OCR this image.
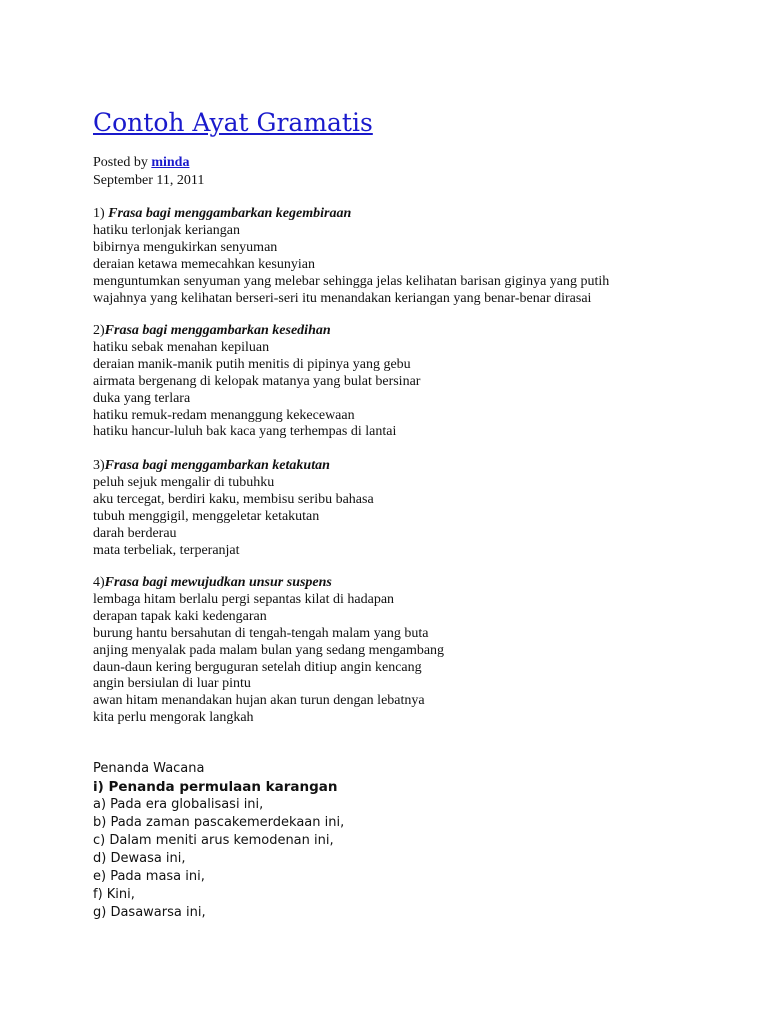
Contoh Ayat Gramatis
Posted by minda
September 11, 2011

1) Frasa bagi menggambarkan kegembiraan

hatiku terlonjak keriangan

bibirnya mengukirkan senyuman

deraian ketawa memecahkan kesunyian

menguntumkan senyuman yang melebar sehingga jelas kelihatan barisan giginya yang putih

wajahnya yang kelihatan berseri-seri itu menandakan keriangan yang benar-benar dirasai

2)Frasa bagi menggambarkan kesedihan

hatiku sebak menahan kepiluan

deraian manik-manik putih menitis di pipinya yang gebu

airmata bergenang di kelopak matanya yang bulat bersinar

duka yang terlara

hatiku remuk-redam menanggung kekecewaan

hatiku hancur-luluh bak kaca yang terhempas di lantai

3)Frasa bagi menggambarkan ketakutan

peluh sejuk mengalir di tubuhku

aku tercegat, berdiri kaku, membisu seribu bahasa

tubuh menggigil, menggeletar ketakutan

darah berderau

mata terbeliak, terperanjat

4)Frasa bagi mewujudkan unsur suspens

lembaga hitam berlalu pergi sepantas kilat di hadapan

derapan tapak kaki kedengaran

burung hantu bersahutan di tengah-tengah malam yang buta

anjing menyalak pada malam bulan yang sedang mengambang

daun-daun kering berguguran setelah ditiup angin kencang

angin bersiulan di luar pintu

awan hitam menandakan hujan akan turun dengan lebatnya

kita perlu mengorak langkah

Penanda Wacana

i) Penanda permulaan karangan

a) Pada era globalisasi ini,

b) Pada zaman pascakemerdekaan ini,

c) Dalam meniti arus kemodenan ini,

d) Dewasa ini,

e) Pada masa ini,

f) Kini,

g) Dasawarsa ini,
